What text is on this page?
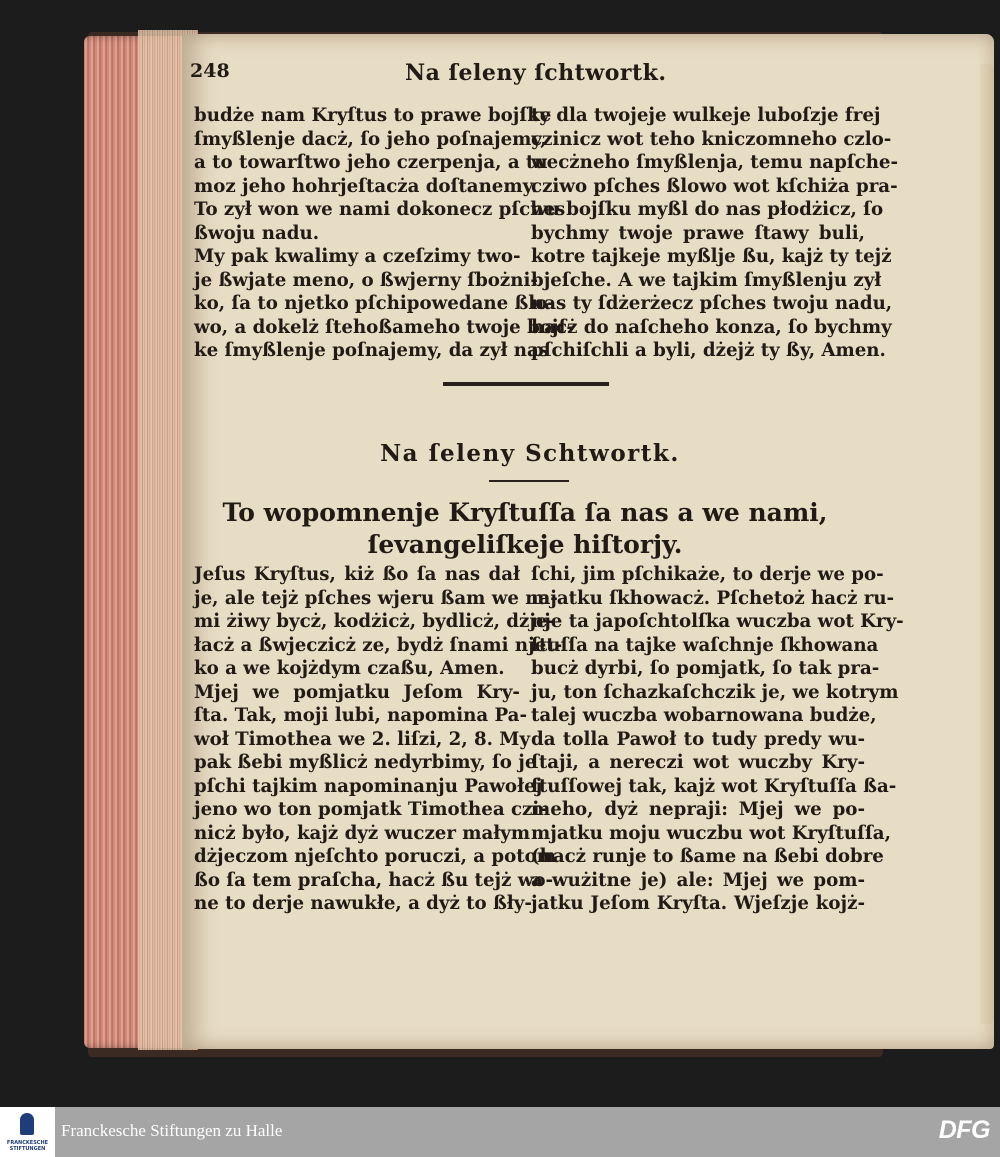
248	Na ſeleny ſchtwortk.
budże nam Kryſtus to prawe bojſke
ſmyßlenje dacż, ſo jeho poſnajemy,
a to towarſtwo jeho czerpenja, a tu
moz jeho hohrjeſtacża doſtanemy.
To zył won we nami dokonecz pſches
ßwoju nadu.
My pak kwalimy a czeſzimy two-
je ßwjate meno, o ßwjerny ſbożni-
ko, ſa to njetko pſchipowedane ßlo-
wo, a dokelż ſtehoßameho twoje bojſ-
ke ſmyßlenje poſnajemy, da zył nas
ty dla twojeje wulkeje luboſzje frej
czinicz wot teho kniczomneho czlo-
wecżneho ſmyßlenja, temu napſche-
cziwo pſches ßlowo wot kſchiża pra-
wu bojſku myßl do nas płodżicz, ſo
bychmy twoje prawe ſtawy buli,
kotre tajkeje myßlje ßu, kajż ty tejż
bjeſche. A we tajkim ſmyßlenju zył
nas ty ſdżerżecz pſches twoju nadu,
hacż do naſcheho konza, ſo bychmy
pſchiſchli a byli, dżejż ty ßy, Amen.
Na ſeleny Schtwortk.
To wopomnenje Kryſtuſſa ſa nas a we nami,
ſevangeliſkeje hiſtorjy.
Jeſus Kryſtus, kiż ßo ſa nas dał
je, ale tejż pſches wjeru ßam we na-
mi żiwy bycż, kodżicż, bydlicż, dżje-
łacż a ßwjeczicż ze, bydż ſnami njet-
ko a we kojżdym czaßu, Amen.
Mjej we pomjatku Jeſom Kry-
ſta. Tak, moji lubi, napomina Pa-
woł Timothea we 2. liſzi, 2, 8. My
pak ßebi myßlicż nedyrbimy, ſo je
pſchi tajkim napominanju Pawołej
jeno wo ton pomjatk Timothea czi-
nicż było, kajż dyż wuczer małym
dżjeczom njeſchto poruczi, a potom
ßo ſa tem praſcha, hacż ßu tejż wo-
ne to derje nawukłe, a dyż to ßły-
ſchi, jim pſchikaże, to derje we po-
mjatku ſkhowacż. Pſchetoż hacż ru-
nje ta japoſchtolſka wuczba wot Kry-
ſtuſſa na tajke waſchnje ſkhowana
bucż dyrbi, ſo pomjatk, ſo tak pra-
ju, ton ſchazkaſchczik je, we kotrym
talej wuczba wobarnowana budże,
da tolla Pawoł to tudy predy wu-
ſtaji, a nereczi wot wuczby Kry-
ſtuſſowej tak, kajż wot Kryſtuſſa ßa-
meho, dyż nepraji: Mjej we po-
mjatku moju wuczbu wot Kryſtuſſa,
(hacż runje to ßame na ßebi dobre
a wużitne je) ale: Mjej we pom-
jatku Jeſom Kryſta. Wjeſzje kojż-
FRANCKESCHE
STIFTUNGEN
Franckesche Stiftungen zu Halle	DFG
